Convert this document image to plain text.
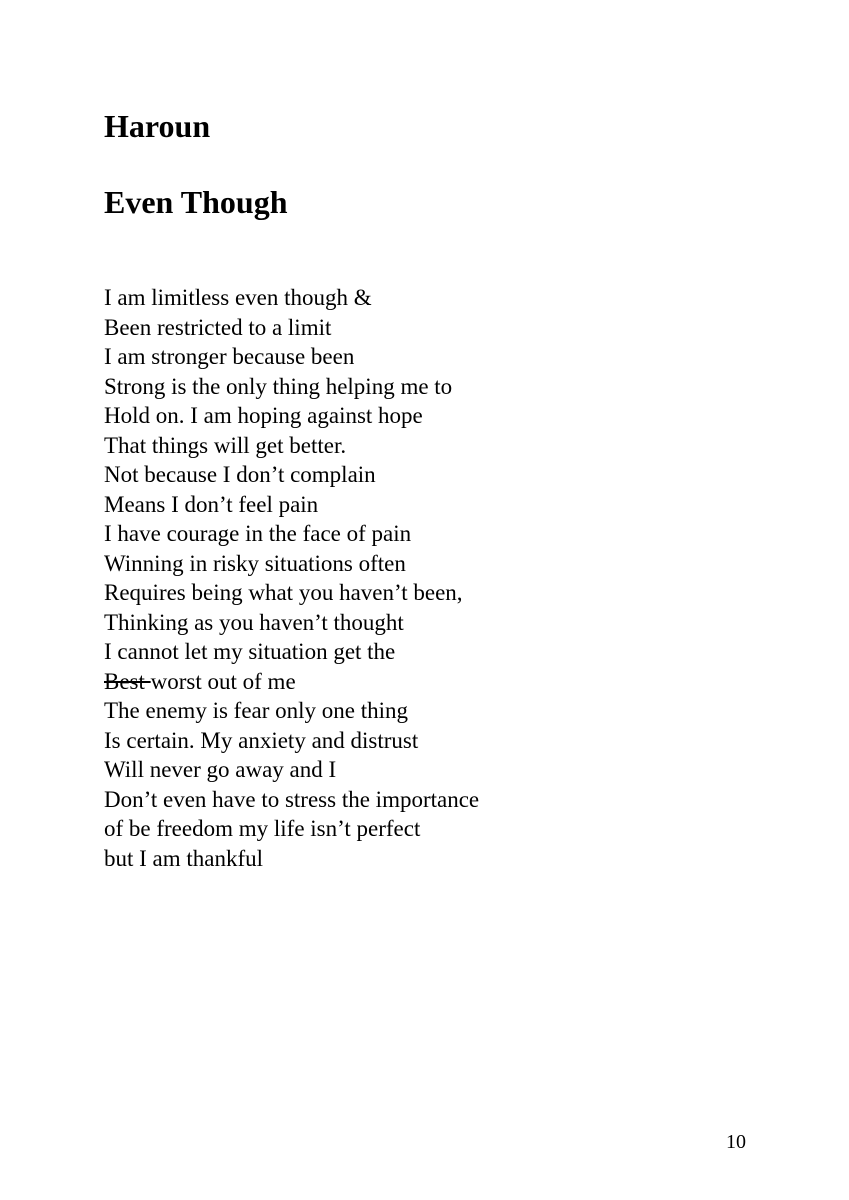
Haroun
Even Though
I am limitless even though &
Been restricted to a limit
I am stronger because been
Strong is the only thing helping me to
Hold on. I am hoping against hope
That things will get better.
Not because I don’t complain
Means I don’t feel pain
I have courage in the face of pain
Winning in risky situations often
Requires being what you haven’t been,
Thinking as you haven’t thought
I cannot let my situation get the
Best worst out of me
The enemy is fear only one thing
Is certain. My anxiety and distrust
Will never go away and I
Don’t even have to stress the importance
of be freedom my life isn’t perfect
but I am thankful
10
